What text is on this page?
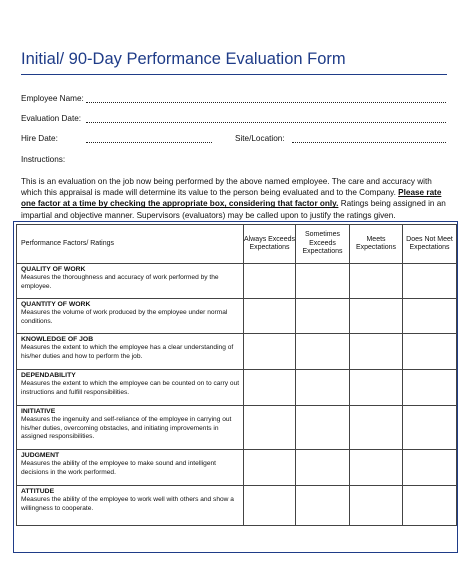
Initial/ 90-Day Performance Evaluation Form
Employee Name:
Evaluation Date:
Hire Date:	Site/Location:
Instructions:
This is an evaluation on the job now being performed by the above named employee. The care and accuracy with which this appraisal is made will determine its value to the person being evaluated and to the Company. Please rate one factor at a time by checking the appropriate box, considering that factor only. Ratings being assigned in an impartial and objective manner. Supervisors (evaluators) may be called upon to justify the ratings given.
Performance Factors/ Ratings	Always Exceeds Expectations	Sometimes Exceeds Expectations	Meets Expectations	Does Not Meet Expectations

QUALITY OF WORK
Measures the thoroughness and accuracy of work performed by the employee.				

QUANTITY OF WORK
Measures the volume of work produced by the employee under normal conditions.				

KNOWLEDGE OF JOB
Measures the extent to which the employee has a clear understanding of his/her duties and how to perform the job.				

DEPENDABILITY
Measures the extent to which the employee can be counted on to carry out instructions and fulfill responsibilities.				

INITIATIVE
Measures the ingenuity and self-reliance of the employee in carrying out his/her duties, overcoming obstacles, and initiating improvements in assigned responsibilities.				

JUDGMENT
Measures the ability of the employee to make sound and intelligent decisions in the work performed.				

ATTITUDE
Measures the ability of the employee to work well with others and show a willingness to cooperate.				
